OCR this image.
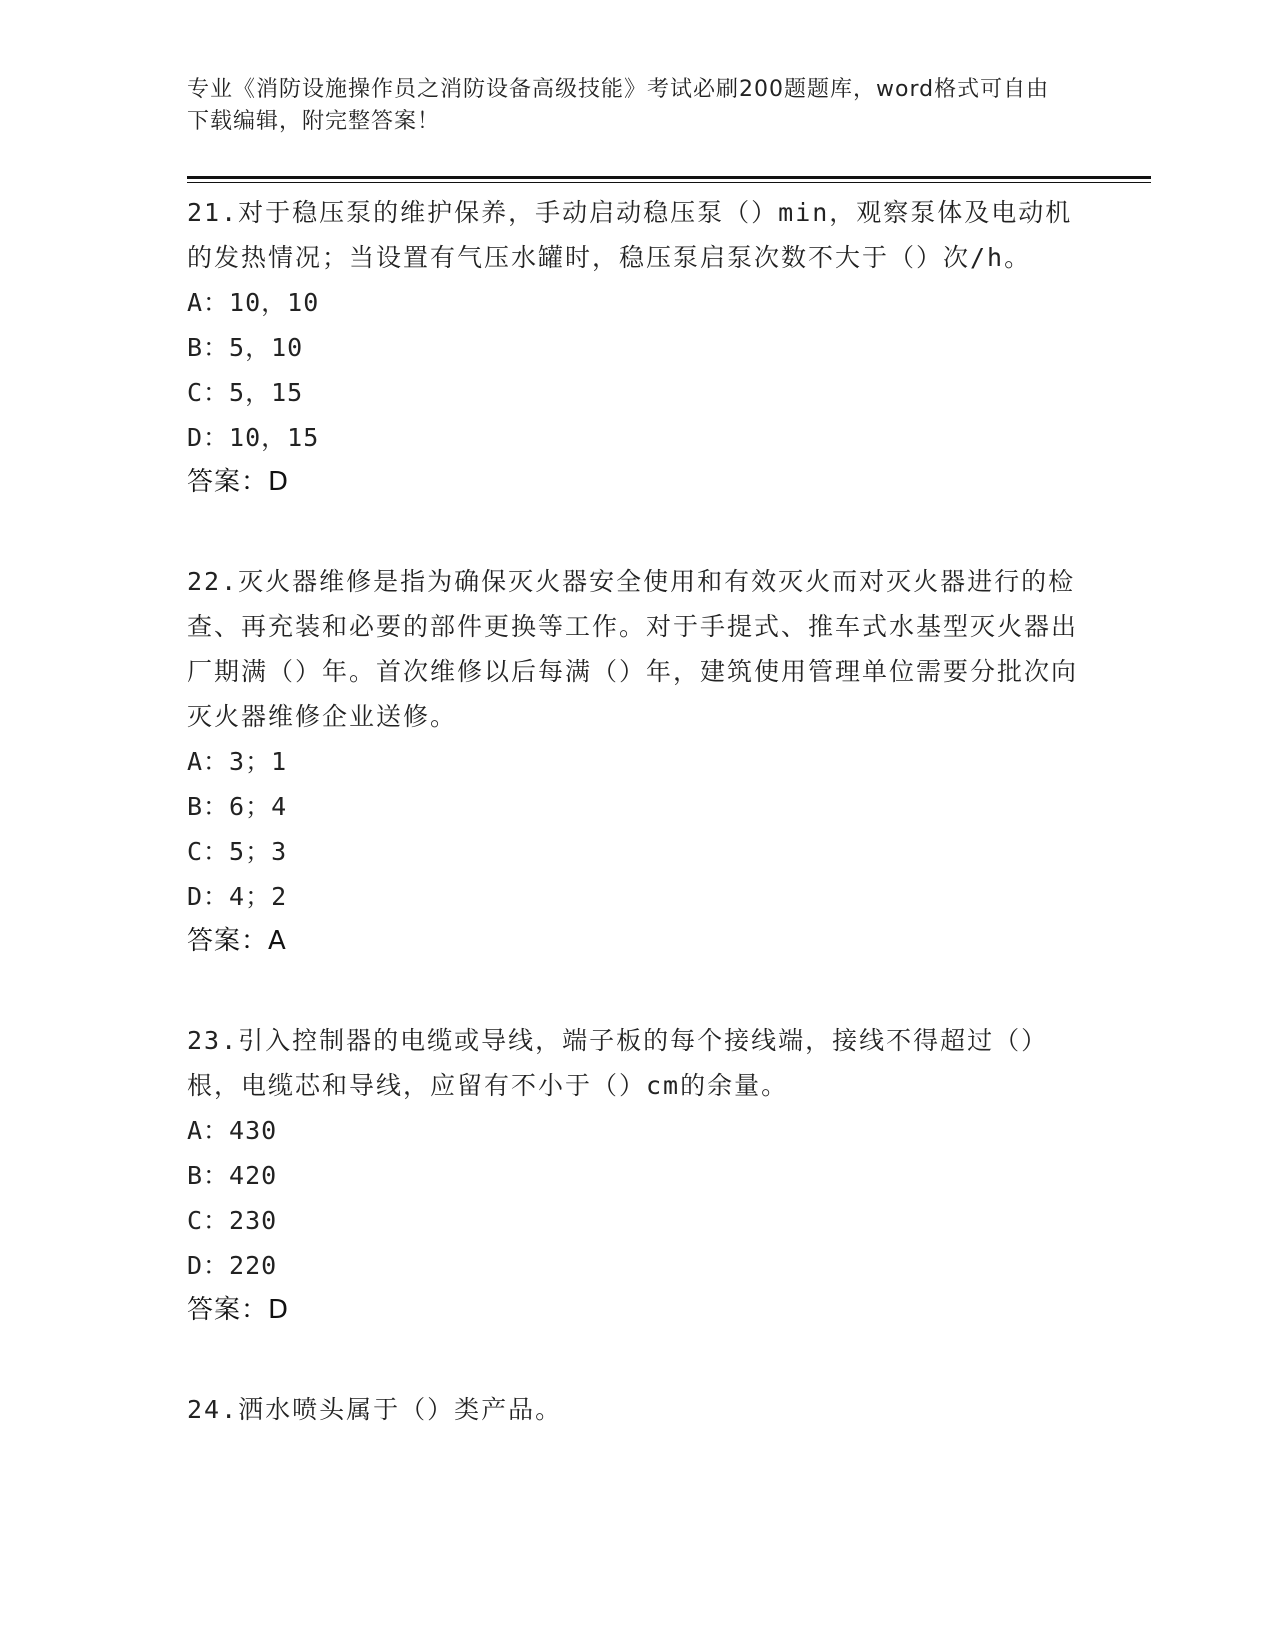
专业《消防设施操作员之消防设备高级技能》考试必刷200题题库，word格式可自由下载编辑，附完整答案！

21.对于稳压泵的维护保养，手动启动稳压泵（）min，观察泵体及电动机的发热情况；当设置有气压水罐时，稳压泵启泵次数不大于（）次/h。

A：10，10

B：5，10

C：5，15

D：10，15

答案：D

22.灭火器维修是指为确保灭火器安全使用和有效灭火而对灭火器进行的检查、再充装和必要的部件更换等工作。对于手提式、推车式水基型灭火器出厂期满（）年。首次维修以后每满（）年，建筑使用管理单位需要分批次向灭火器维修企业送修。

A：3；1

B：6；4

C：5；3

D：4；2

答案：A

23.引入控制器的电缆或导线，端子板的每个接线端，接线不得超过（）根，电缆芯和导线，应留有不小于（）cm的余量。

A：430

B：420

C：230

D：220

答案：D

24.洒水喷头属于（）类产品。
